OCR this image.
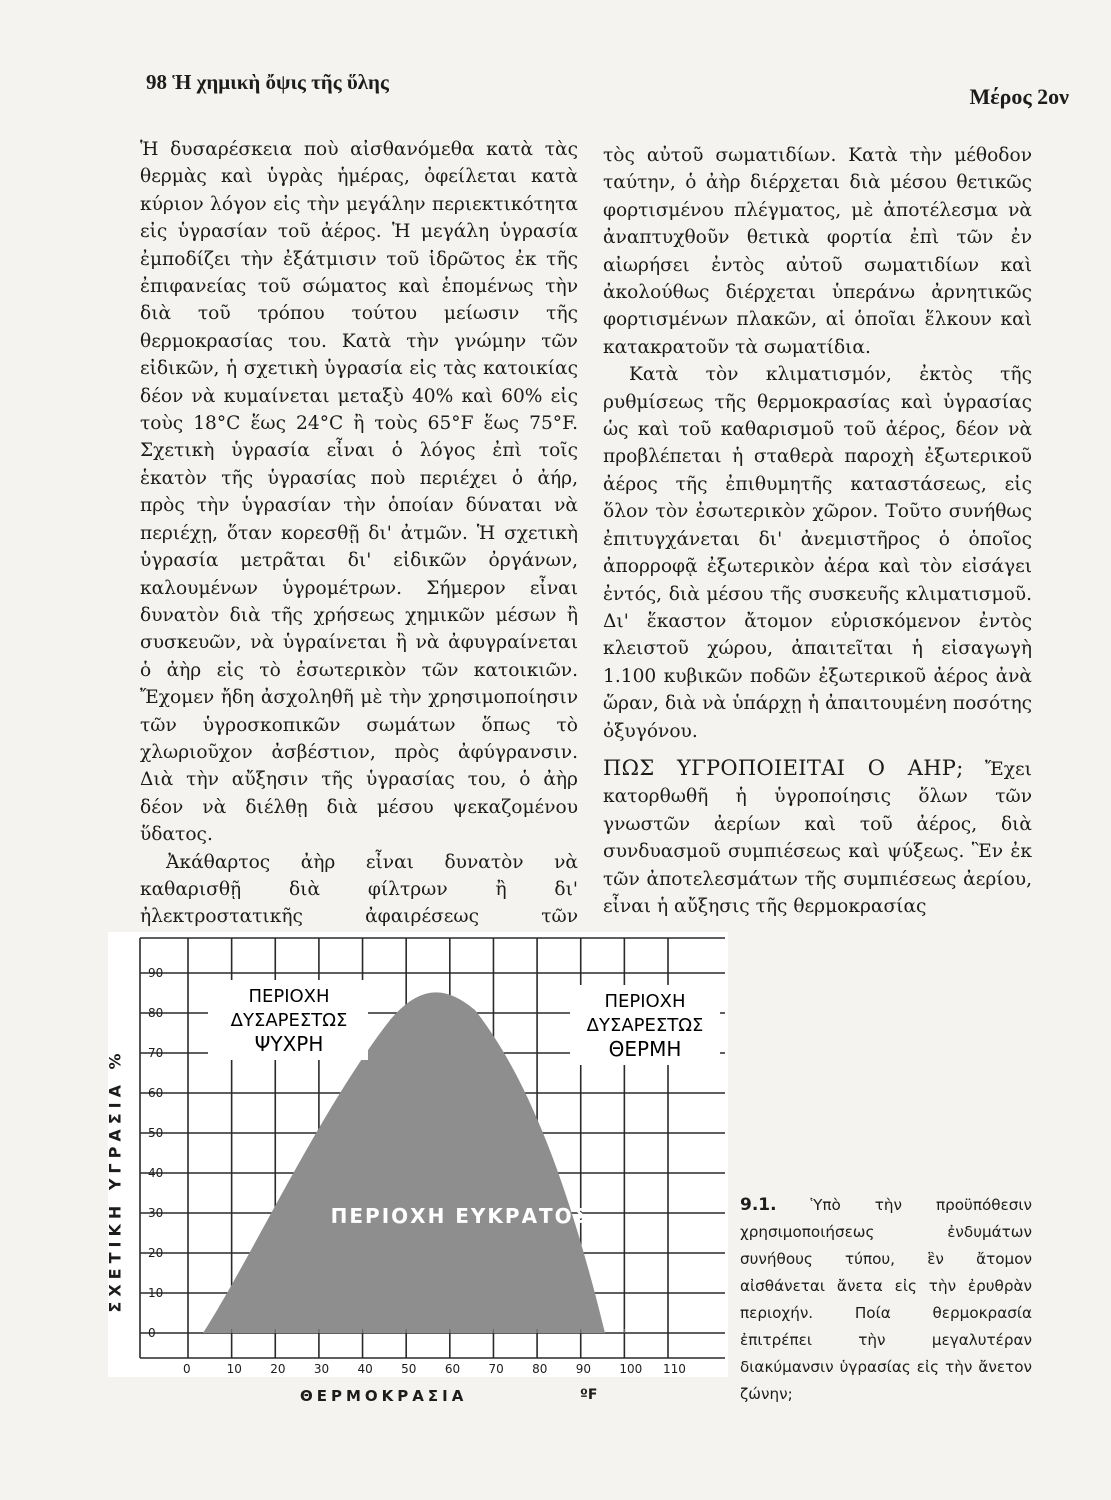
98 Ἡ χημικὴ ὄψις τῆς ὕλης
Μέρος 2ον

Ἡ δυσαρέσκεια ποὺ αἰσθανόμεθα κατὰ τὰς θερμὰς καὶ ὑγρὰς ἡμέρας, ὀφείλεται κατὰ κύριον λόγον εἰς τὴν μεγάλην περιεκτικότητα εἰς ὑγρασίαν τοῦ ἀέρος. Ἡ μεγάλη ὑγρασία ἐμποδίζει τὴν ἐξάτμισιν τοῦ ἱδρῶτος ἐκ τῆς ἐπιφανείας τοῦ σώματος καὶ ἑπομένως τὴν διὰ τοῦ τρόπου τούτου μείωσιν τῆς θερμοκρασίας του. Κατὰ τὴν γνώμην τῶν εἰδικῶν, ἡ σχετικὴ ὑγρασία εἰς τὰς κατοικίας δέον νὰ κυμαίνεται μεταξὺ 40% καὶ 60% εἰς τοὺς 18°C ἕως 24°C ἢ τοὺς 65°F ἕως 75°F. Σχετικὴ ὑγρασία εἶναι ὁ λόγος ἐπὶ τοῖς ἑκατὸν τῆς ὑγρασίας ποὺ περιέχει ὁ ἀήρ, πρὸς τὴν ὑγρασίαν τὴν ὁποίαν δύναται νὰ περιέχῃ, ὅταν κορεσθῇ δι' ἀτμῶν. Ἡ σχετικὴ ὑγρασία μετρᾶται δι' εἰδικῶν ὀργάνων, καλουμένων ὑγρομέτρων. Σήμερον εἶναι δυνατὸν διὰ τῆς χρήσεως χημικῶν μέσων ἢ συσκευῶν, νὰ ὑγραίνεται ἢ νὰ ἀφυγραίνεται ὁ ἀὴρ εἰς τὸ ἐσωτερικὸν τῶν κατοικιῶν. Ἔχομεν ἤδη ἀσχοληθῆ μὲ τὴν χρησιμοποίησιν τῶν ὑγροσκοπικῶν σωμάτων ὅπως τὸ χλωριοῦχον ἀσβέστιον, πρὸς ἀφύγρανσιν. Διὰ τὴν αὔξησιν τῆς ὑγρασίας του, ὁ ἀὴρ δέον νὰ διέλθῃ διὰ μέσου ψεκαζομένου ὕδατος.

Ἀκάθαρτος ἀὴρ εἶναι δυνατὸν νὰ καθαρισθῇ διὰ φίλτρων ἢ δι' ἠλεκτροστατικῆς ἀφαιρέσεως τῶν

τὸς αὐτοῦ σωματιδίων. Κατὰ τὴν μέθοδον ταύτην, ὁ ἀὴρ διέρχεται διὰ μέσου θετικῶς φορτισμένου πλέγματος, μὲ ἀποτέλεσμα νὰ ἀναπτυχθοῦν θετικὰ φορτία ἐπὶ τῶν ἐν αἰωρήσει ἐντὸς αὐτοῦ σωματιδίων καὶ ἀκολούθως διέρχεται ὑπεράνω ἀρνητικῶς φορτισμένων πλακῶν, αἱ ὁποῖαι ἕλκουν καὶ κατακρατοῦν τὰ σωματίδια.

Κατὰ τὸν κλιματισμόν, ἐκτὸς τῆς ρυθμίσεως τῆς θερμοκρασίας καὶ ὑγρασίας ὡς καὶ τοῦ καθαρισμοῦ τοῦ ἀέρος, δέον νὰ προβλέπεται ἡ σταθερὰ παροχὴ ἐξωτερικοῦ ἀέρος τῆς ἐπιθυμητῆς καταστάσεως, εἰς ὅλον τὸν ἐσωτερικὸν χῶρον. Τοῦτο συνήθως ἐπιτυγχάνεται δι' ἀνεμιστῆρος ὁ ὁποῖος ἀπορροφᾷ ἐξωτερικὸν ἀέρα καὶ τὸν εἰσάγει ἐντός, διὰ μέσου τῆς συσκευῆς κλιματισμοῦ. Δι' ἕκαστον ἄτομον εὑρισκόμενον ἐντὸς κλειστοῦ χώρου, ἀπαιτεῖται ἡ εἰσαγωγὴ 1.100 κυβικῶν ποδῶν ἐξωτερικοῦ ἀέρος ἀνὰ ὥραν, διὰ νὰ ὑπάρχῃ ἡ ἀπαιτουμένη ποσότης ὀξυγόνου.

ΠΩΣ ΥΓΡΟΠΟΙΕΙΤΑΙ Ο ΑΗΡ; Ἔχει κατορθωθῆ ἡ ὑγροποίησις ὅλων τῶν γνωστῶν ἀερίων καὶ τοῦ ἀέρος, διὰ συνδυασμοῦ συμπιέσεως καὶ ψύξεως. Ἓν ἐκ τῶν ἀποτελεσμάτων τῆς συμπιέσεως ἀερίου, εἶναι ἡ αὔξησις τῆς θερμοκρασίας

ΠΕΡΙΟΧΗ
ΔΥΣΑΡΕΣΤΩΣ
ΨΥΧΡΗ
ΠΕΡΙΟΧΗ
ΔΥΣΑΡΕΣΤΩΣ
ΘΕΡΜΗ
ΠΕΡΙΟΧΗ ΕΥΚΡΑΤΟΣ
0
10
20
30
40
50
60
70
80
90
0	10 20 30 40 50 60 70 80 90 100 110
ΣΧΕΤΙΚΗ ΥΓΡΑΣΙΑ %
ΘΕΡΜΟΚΡΑΣΙΑ	ºF
9.1. Ὑπὸ τὴν προϋπόθεσιν χρησιμοποιήσεως ἐνδυμάτων συνήθους τύπου, ἓν ἄτομον αἰσθάνεται ἄνετα εἰς τὴν ἐρυθρὰν περιοχήν. Ποία θερμοκρασία ἐπιτρέπει τὴν μεγαλυτέραν διακύμανσιν ὑγρασίας εἰς τὴν ἄνετον ζώνην;
